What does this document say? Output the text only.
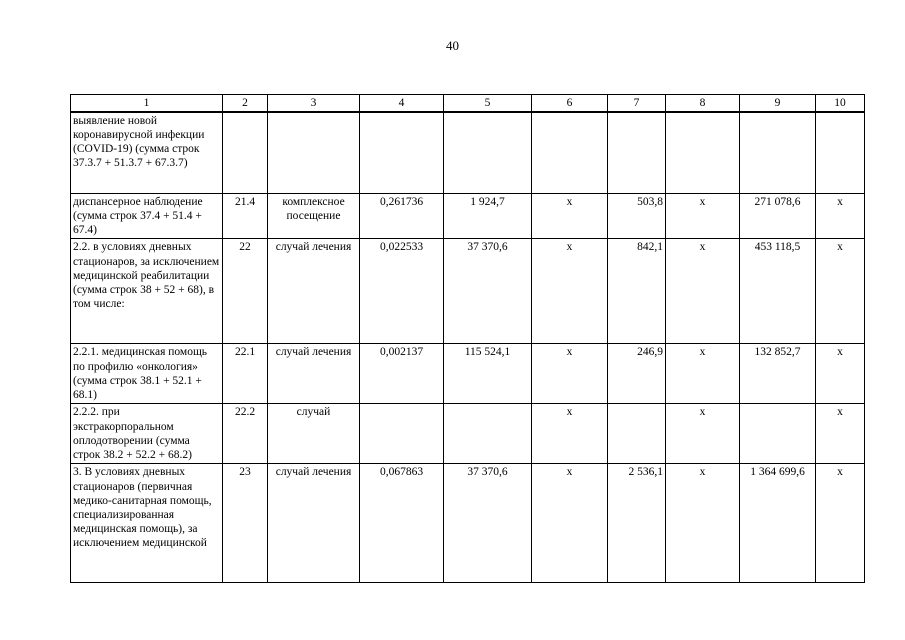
40
1	2	3	4	5	6	7	8	9	10
выявление новой коронавирусной инфекции (COVID-19) (сумма строк 37.3.7 + 51.3.7 + 67.3.7)									
диспансерное наблюдение (сумма строк 37.4 + 51.4 + 67.4)	21.4	комплексное посещение	0,261736	1 924,7	х	503,8	х	271 078,6	х
2.2. в условиях дневных стационаров, за исключением медицинской реабилитации (сумма строк 38 + 52 + 68), в том числе:	22	случай лечения	0,022533	37 370,6	х	842,1	х	453 118,5	х
2.2.1. медицинская помощь по профилю «онкология» (сумма строк 38.1 + 52.1 + 68.1)	22.1	случай лечения	0,002137	115 524,1	х	246,9	х	132 852,7	х
2.2.2. при экстракорпоральном оплодотворении (сумма строк 38.2 + 52.2 + 68.2)	22.2	случай			х		х		х
3. В условиях дневных стационаров (первичная медико-санитарная помощь, специализированная медицинская помощь), за исключением медицинской	23	случай лечения	0,067863	37 370,6	х	2 536,1	х	1 364 699,6	х
